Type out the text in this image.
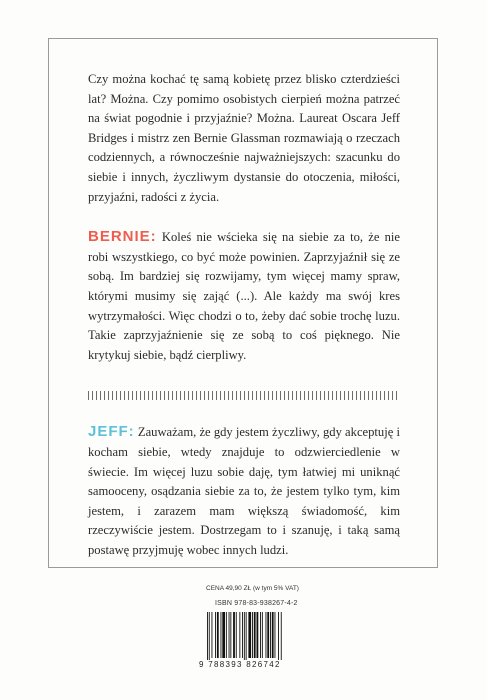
Czy można kochać tę samą kobietę przez blisko czterdzieści lat? Można. Czy pomimo osobistych cierpień można patrzeć na świat pogodnie i przyjaźnie? Można. Laureat Oscara Jeff Bridges i mistrz zen Bernie Glassman rozmawiają o rzeczach codziennych, a równocześnie najważniejszych: szacunku do siebie i innych, życzliwym dystansie do otoczenia, miłości, przyjaźni, radości z życia.

BERNIE: Koleś nie wścieka się na siebie za to, że nie robi wszystkiego, co być może powinien. Zaprzyjaźnił się ze sobą. Im bardziej się rozwijamy, tym więcej mamy spraw, którymi musimy się zająć (...). Ale każdy ma swój kres wytrzymałości. Więc chodzi o to, żeby dać sobie trochę luzu. Takie zaprzyjaźnienie się ze sobą to coś pięknego. Nie krytykuj siebie, bądź cierpliwy.

JEFF: Zauważam, że gdy jestem życzliwy, gdy akceptuję i kocham siebie, wtedy znajduje to odzwierciedlenie w świecie. Im więcej luzu sobie daję, tym łatwiej mi uniknąć samooceny, osądzania siebie za to, że jestem tylko tym, kim jestem, i zarazem mam większą świadomość, kim rzeczywiście jestem. Dostrzegam to i szanuję, i taką samą postawę przyjmuję wobec innych ludzi.

CENA 49,90 ZŁ (w tym 5% VAT)
ISBN 978-83-938267-4-2
9 788393 826742
